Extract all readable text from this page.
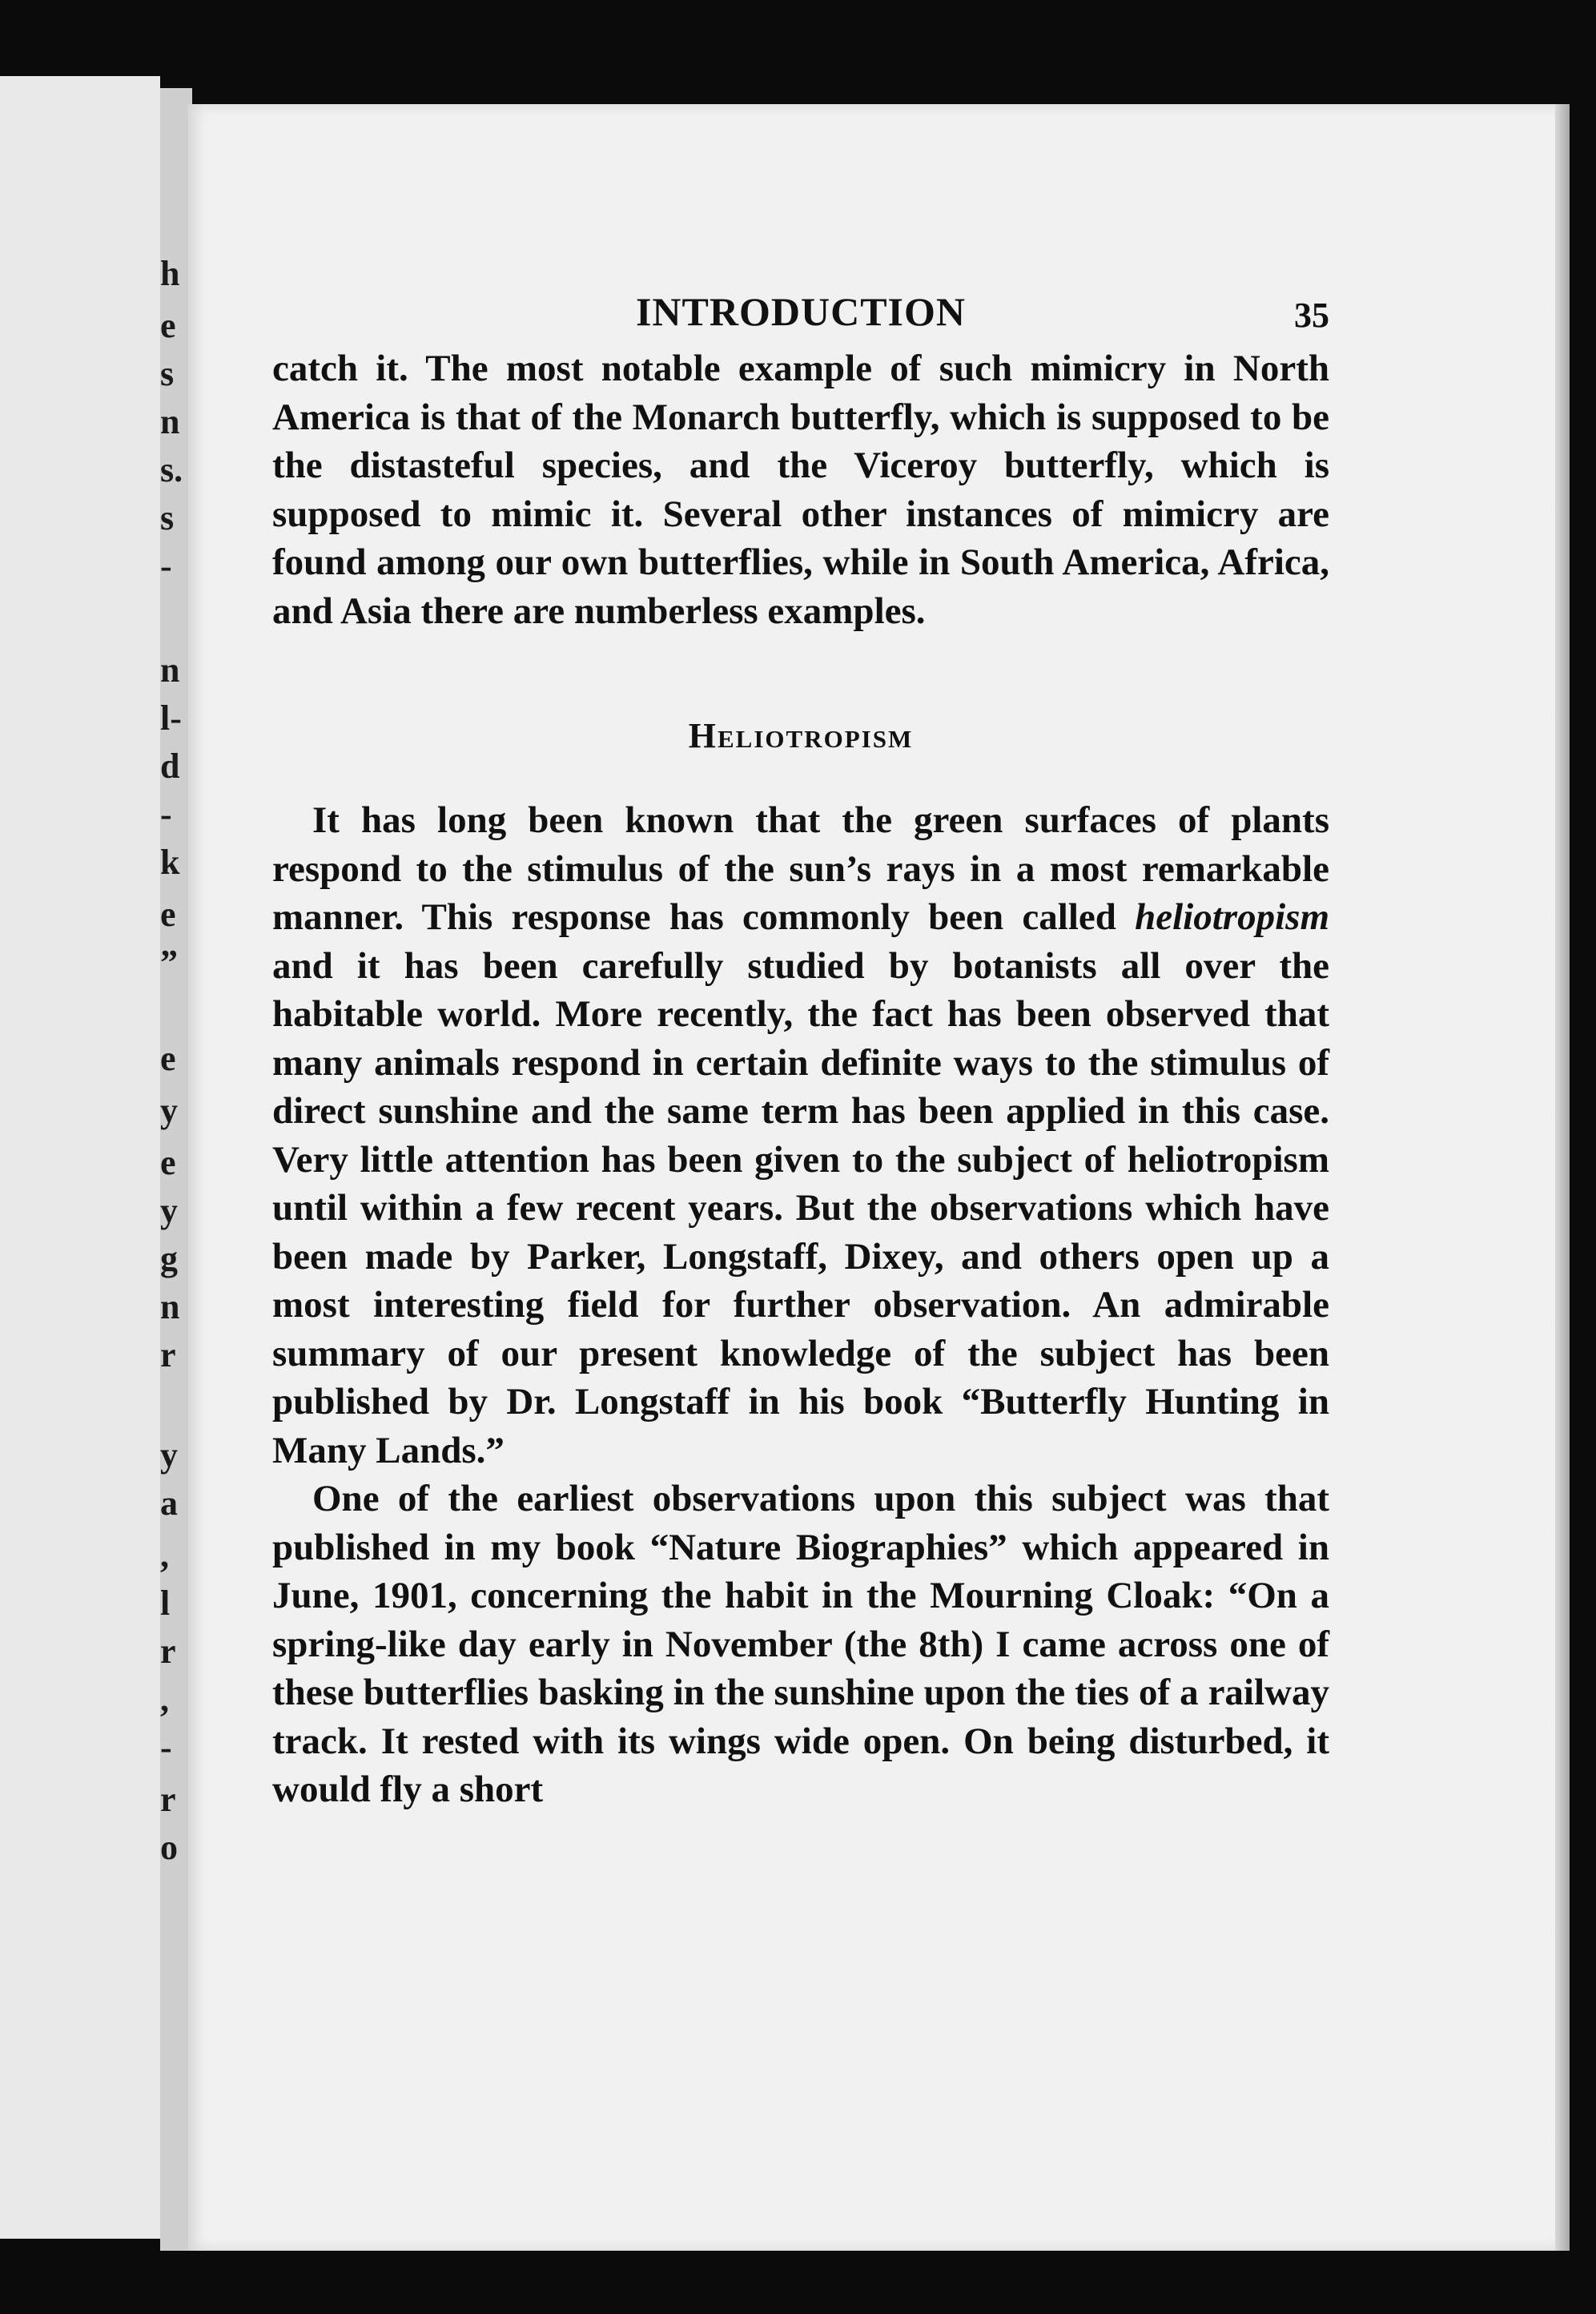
h
e
s
n
s.
s
-
n
l-
d
-
k
e
”
e
y
e
y
g
n
r
y
a
,
l
r
,
-
r
o
INTRODUCTION	35

catch it. The most notable example of such mimicry in North America is that of the Monarch butterfly, which is supposed to be the distasteful species, and the Viceroy butterfly, which is supposed to mimic it. Several other instances of mimicry are found among our own butterflies, while in South America, Africa, and Asia there are numberless examples.

Heliotropism

It has long been known that the green surfaces of plants respond to the stimulus of the sun’s rays in a most remarkable manner. This response has commonly been called heliotropism and it has been carefully studied by botanists all over the habitable world. More recently, the fact has been observed that many animals respond in certain definite ways to the stimulus of direct sunshine and the same term has been applied in this case. Very little attention has been given to the subject of heliotropism until within a few recent years. But the observations which have been made by Parker, Longstaff, Dixey, and others open up a most interesting field for further observation. An admirable summary of our present knowledge of the subject has been published by Dr. Longstaff in his book “Butterfly Hunting in Many Lands.”

One of the earliest observations upon this subject was that published in my book “Nature Biographies” which appeared in June, 1901, concerning the habit in the Mourning Cloak: “On a spring-like day early in November (the 8th) I came across one of these butterflies basking in the sunshine upon the ties of a railway track. It rested with its wings wide open. On being disturbed, it would fly a short
